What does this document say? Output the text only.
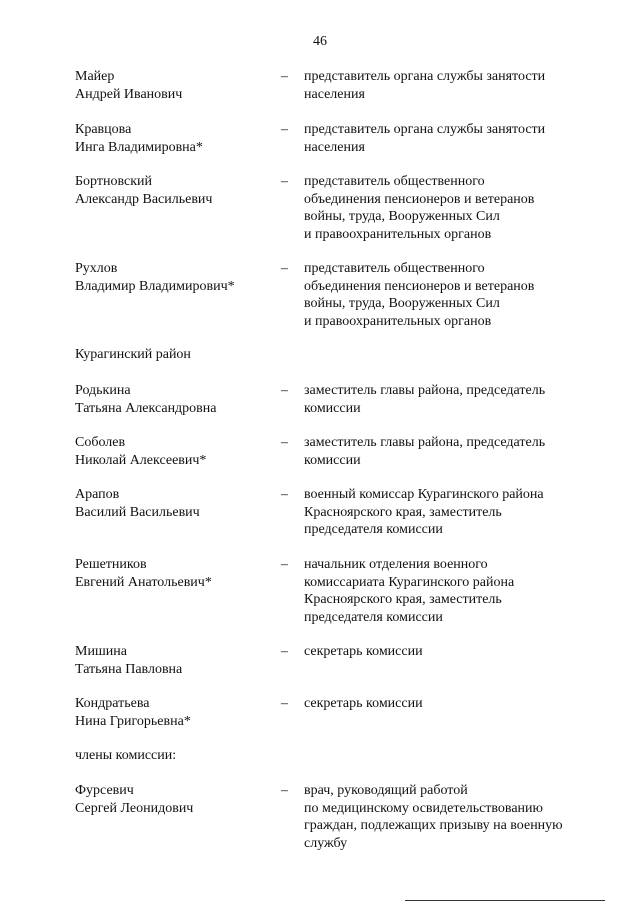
46
Майер
Андрей Иванович
– представитель органа службы занятости
населения
Кравцова
Инга Владимировна*
– представитель органа службы занятости
населения
Бортновский
Александр Васильевич
– представитель общественного
объединения пенсионеров и ветеранов
войны, труда, Вооруженных Сил
и правоохранительных органов
Рухлов
Владимир Владимирович*
– представитель общественного
объединения пенсионеров и ветеранов
войны, труда, Вооруженных Сил
и правоохранительных органов
Курагинский район
Родькина
Татьяна Александровна
– заместитель главы района, председатель
комиссии
Соболев
Николай Алексеевич*
– заместитель главы района, председатель
комиссии
Арапов
Василий Васильевич
– военный комиссар Курагинского района
Красноярского края, заместитель
председателя комиссии
Решетников
Евгений Анатольевич*
– начальник отделения военного
комиссариата Курагинского района
Красноярского края, заместитель
председателя комиссии
Мишина
Татьяна Павловна
– секретарь комиссии
Кондратьева
Нина Григорьевна*
– секретарь комиссии
члены комиссии:
Фурсевич
Сергей Леонидович
– врач, руководящий работой
по медицинскому освидетельствованию
граждан, подлежащих призыву на военную
службу
